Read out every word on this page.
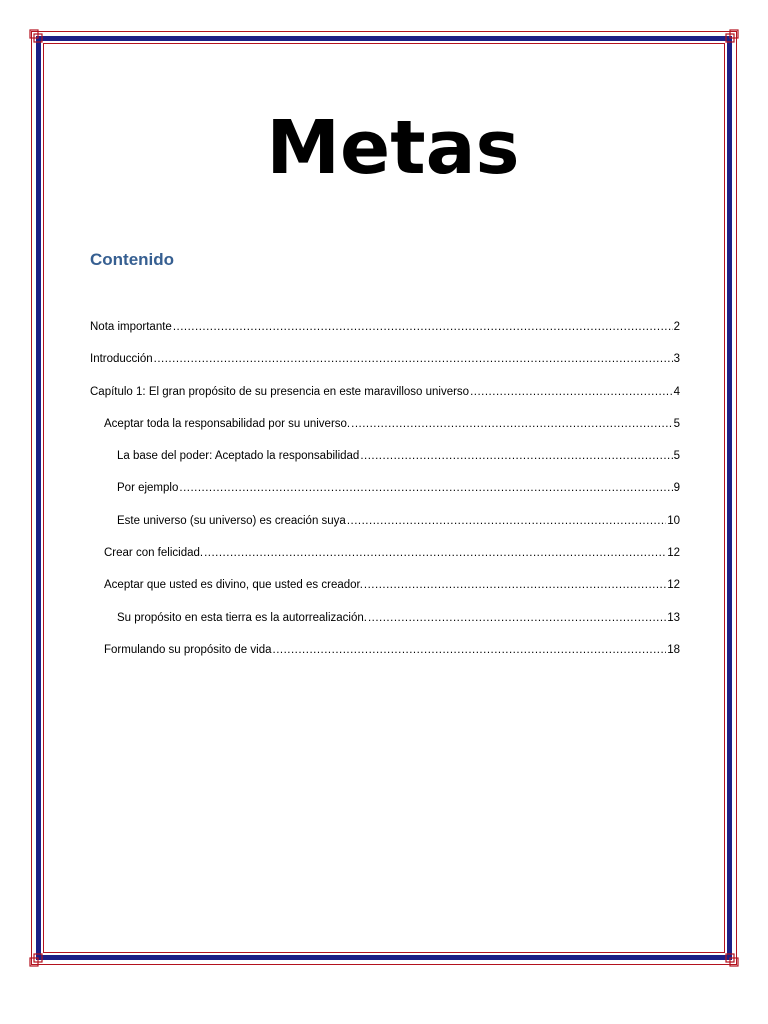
Metas
Contenido
Nota importante .....	2
Introducción .....	3
Capítulo 1: El gran propósito de su presencia en este maravilloso universo .....	4
Aceptar toda la responsabilidad por su universo. .....	5
La base del poder: Aceptado la responsabilidad .....	5
Por ejemplo .....	9
Este universo (su universo) es creación suya .....	10
Crear con felicidad. .....	12
Aceptar que usted es divino, que usted es creador. .....	12
Su propósito en esta tierra es la autorrealización. .....	13
Formulando su propósito de vida .....	18
